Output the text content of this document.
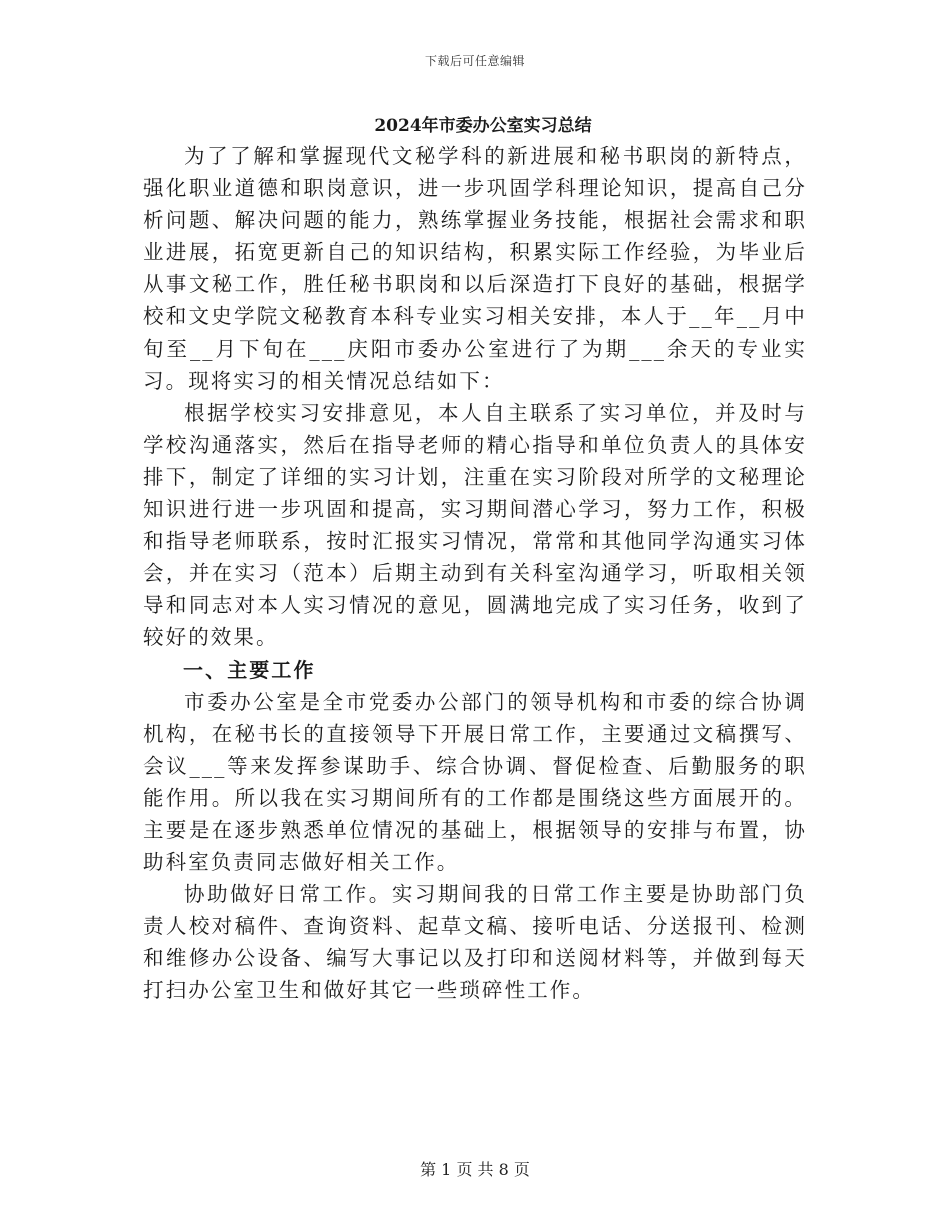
下载后可任意编辑
2024年市委办公室实习总结

为了了解和掌握现代文秘学科的新进展和秘书职岗的新特点，强化职业道德和职岗意识，进一步巩固学科理论知识，提高自己分析问题、解决问题的能力，熟练掌握业务技能，根据社会需求和职业进展，拓宽更新自己的知识结构，积累实际工作经验，为毕业后从事文秘工作，胜任秘书职岗和以后深造打下良好的基础，根据学校和文史学院文秘教育本科专业实习相关安排，本人于__年__月中旬至__月下旬在___庆阳市委办公室进行了为期___余天的专业实习。现将实习的相关情况总结如下：

根据学校实习安排意见，本人自主联系了实习单位，并及时与学校沟通落实，然后在指导老师的精心指导和单位负责人的具体安排下，制定了详细的实习计划，注重在实习阶段对所学的文秘理论知识进行进一步巩固和提高，实习期间潜心学习，努力工作，积极和指导老师联系，按时汇报实习情况，常常和其他同学沟通实习体会，并在实习（范本）后期主动到有关科室沟通学习，听取相关领导和同志对本人实习情况的意见，圆满地完成了实习任务，收到了较好的效果。

一、主要工作

市委办公室是全市党委办公部门的领导机构和市委的综合协调机构，在秘书长的直接领导下开展日常工作，主要通过文稿撰写、会议___等来发挥参谋助手、综合协调、督促检查、后勤服务的职能作用。所以我在实习期间所有的工作都是围绕这些方面展开的。主要是在逐步熟悉单位情况的基础上，根据领导的安排与布置，协助科室负责同志做好相关工作。

协助做好日常工作。实习期间我的日常工作主要是协助部门负责人校对稿件、查询资料、起草文稿、接听电话、分送报刊、检测和维修办公设备、编写大事记以及打印和送阅材料等，并做到每天打扫办公室卫生和做好其它一些琐碎性工作。

第 1 页 共 8 页
